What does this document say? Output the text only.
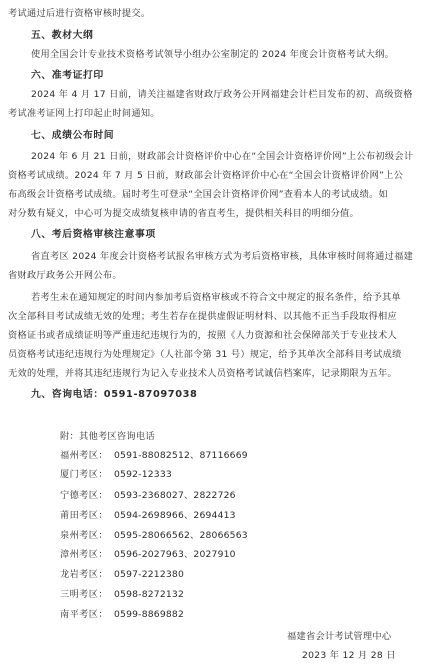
考试通过后进行资格审核时提交。
五、教材大纲
使用全国会计专业技术资格考试领导小组办公室制定的 2024 年度会计资格考试大纲。
六、准考证打印
2024 年 4 月 17 日前，请关注福建省财政厅政务公开网福建会计栏目发布的初、高级资格
考试准考证网上打印起止时间通知。
七、成绩公布时间
2024 年 6 月 21 日前，财政部会计资格评价中心在“全国会计资格评价网”上公布初级会计
资格考试成绩。2024 年 7 月 5 日前，财政部会计资格评价中心在“全国会计资格评价网”上公
布高级会计资格考试成绩。届时考生可登录“全国会计资格评价网”查看本人的考试成绩。如
对分数有疑义，中心可为提交成绩复核申请的省直考生，提供相关科目的明细分值。
八、考后资格审核注意事项
省直考区 2024 年度会计资格考试报名审核方式为考后资格审核，具体审核时间将通过福建
省财政厅政务公开网公布。
若考生未在通知规定的时间内参加考后资格审核或不符合文中规定的报名条件，给予其单
次全部科目考试成绩无效的处理；考生若存在提供虚假证明材料、以其他不正当手段取得相应
资格证书或者成绩证明等严重违纪违规行为的，按照《人力资源和社会保障部关于专业技术人
员资格考试违纪违规行为处理规定》（人社部令第 31 号）规定，给予其单次全部科目考试成绩
无效的处理，并将其违纪违规行为记入专业技术人员资格考试诚信档案库，记录期限为五年。
九、咨询电话：0591-87097038
附：其他考区咨询电话
福州考区： 0591-88082512、87116669
厦门考区： 0592-12333
宁德考区： 0593-2368027、2822726
莆田考区： 0594-2698966、2694413
泉州考区： 0595-28066562、28066563
漳州考区： 0596-2027963、2027910
龙岩考区： 0597-2212380
三明考区： 0598-8272132
南平考区： 0599-8869882
福建省会计考试管理中心
2023 年 12 月 28 日
